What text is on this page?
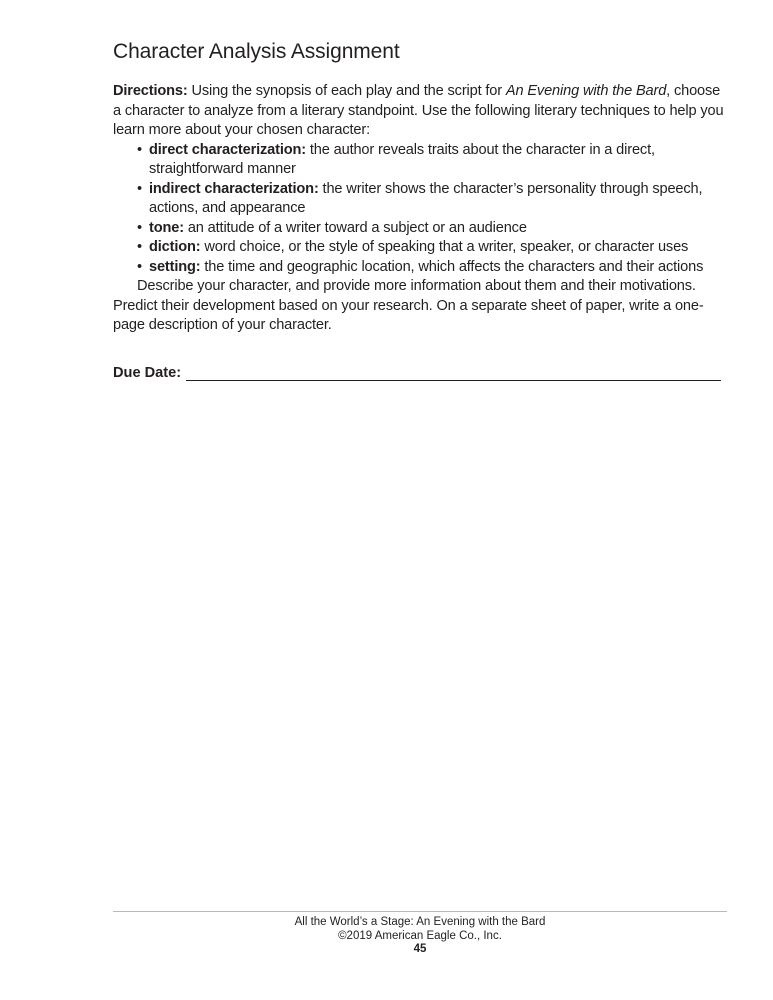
Character Analysis Assignment

Directions: Using the synopsis of each play and the script for An Evening with the Bard, choose a character to analyze from a literary standpoint. Use the following literary techniques to help you learn more about your chosen character:

• direct characterization: the author reveals traits about the character in a direct, straightforward manner
• indirect characterization: the writer shows the character’s personality through speech, actions, and appearance
• tone: an attitude of a writer toward a subject or an audience
• diction: word choice, or the style of speaking that a writer, speaker, or character uses
• setting: the time and geographic location, which affects the characters and their actions

Describe your character, and provide more information about them and their motivations. Predict their development based on your research. On a separate sheet of paper, write a one-page description of your character.

Due Date:
All the World’s a Stage: An Evening with the Bard
©2019 American Eagle Co., Inc.
45
